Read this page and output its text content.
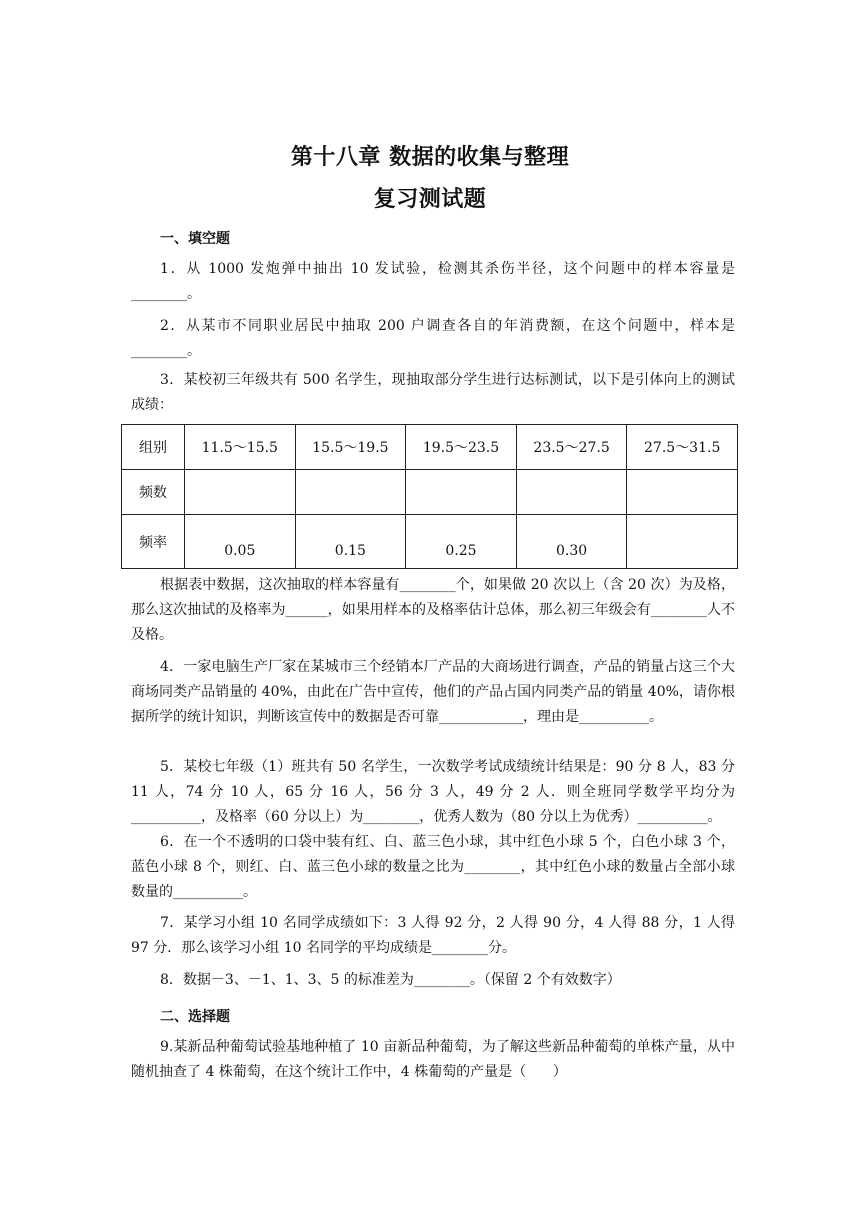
第十八章 数据的收集与整理
复习测试题
一、填空题

1．从 1000 发炮弹中抽出 10 发试验，检测其杀伤半径，这个问题中的样本容量是________。

2．从某市不同职业居民中抽取 200 户调查各自的年消费额，在这个问题中，样本是________。

3．某校初三年级共有 500 名学生，现抽取部分学生进行达标测试，以下是引体向上的测试成绩：

组别	11.5～15.5	15.5～19.5	19.5～23.5	23.5～27.5	27.5～31.5
频数					
频率	0.05	0.15	0.25	0.30	

根据表中数据，这次抽取的样本容量有________个，如果做 20 次以上（含 20 次）为及格，那么这次抽试的及格率为______，如果用样本的及格率估计总体，那么初三年级会有________人不及格。

4．一家电脑生产厂家在某城市三个经销本厂产品的大商场进行调查，产品的销量占这三个大商场同类产品销量的 40%，由此在广告中宣传，他们的产品占国内同类产品的销量 40%，请你根据所学的统计知识，判断该宣传中的数据是否可靠____________，理由是__________。

5．某校七年级（1）班共有 50 名学生，一次数学考试成绩统计结果是：90 分 8 人，83 分 11 人，74 分 10 人，65 分 16 人，56 分 3 人，49 分 2 人．则全班同学数学平均分为__________，及格率（60 分以上）为________，优秀人数为（80 分以上为优秀）__________。

6．在一个不透明的口袋中装有红、白、蓝三色小球，其中红色小球 5 个，白色小球 3 个，蓝色小球 8 个，则红、白、蓝三色小球的数量之比为________，其中红色小球的数量占全部小球数量的__________。

7．某学习小组 10 名同学成绩如下：3 人得 92 分，2 人得 90 分，4 人得 88 分，1 人得 97 分．那么该学习小组 10 名同学的平均成绩是________分。

8．数据－3、－1、1、3、5 的标准差为________。（保留 2 个有效数字）

二、选择题

9.某新品种葡萄试验基地种植了 10 亩新品种葡萄，为了解这些新品种葡萄的单株产量，从中   随机抽查了 4 株葡萄，在这个统计工作中，4 株葡萄的产量是（      ）
